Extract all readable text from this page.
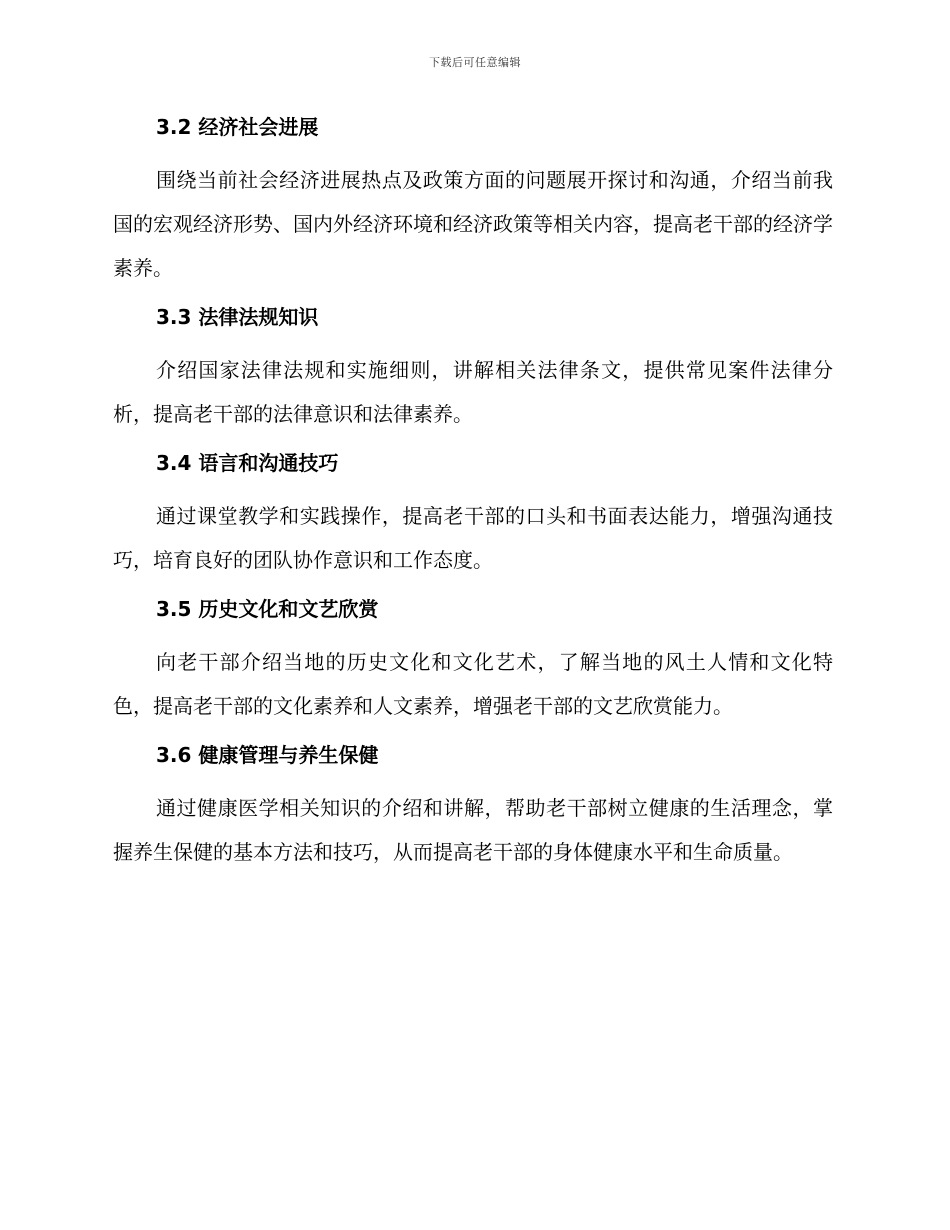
下载后可任意编辑
3.2 经济社会进展

围绕当前社会经济进展热点及政策方面的问题展开探讨和沟通，介绍当前我国的宏观经济形势、国内外经济环境和经济政策等相关内容，提高老干部的经济学素养。

3.3 法律法规知识

介绍国家法律法规和实施细则，讲解相关法律条文，提供常见案件法律分析，提高老干部的法律意识和法律素养。

3.4 语言和沟通技巧

通过课堂教学和实践操作，提高老干部的口头和书面表达能力，增强沟通技巧，培育良好的团队协作意识和工作态度。

3.5 历史文化和文艺欣赏

向老干部介绍当地的历史文化和文化艺术，了解当地的风土人情和文化特色，提高老干部的文化素养和人文素养，增强老干部的文艺欣赏能力。

3.6 健康管理与养生保健

通过健康医学相关知识的介绍和讲解，帮助老干部树立健康的生活理念，掌握养生保健的基本方法和技巧，从而提高老干部的身体健康水平和生命质量。
